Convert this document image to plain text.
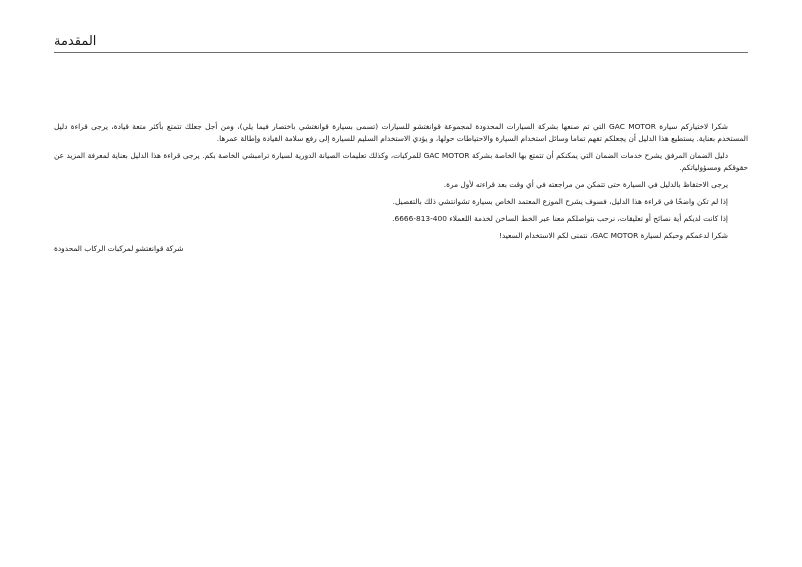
المقدمة

شكرا لاختياركم سيارة GAC MOTOR التي تم صنعها بشركة السيارات المحدودة لمجموعة قوانغتشو للسيارات (تسمى بسيارة قوانغتشي باختصار فيما يلي)، ومن أجل جعلك تتمتع بأكثر متعة قيادة، يرجى قراءة دليل المستخدم بعناية. يستطيع هذا الدليل أن يجعلكم تفهم تماما وسائل استخدام السيارة والاحتياطات حولها، و يؤدي الاستخدام السليم للسيارة إلى رفع سلامة القيادة وإطالة عمرها.

دليل الضمان المرفق يشرح خدمات الضمان التي يمكنكم أن تتمتع بها الخاصة بشركة GAC MOTOR للمركبات، وكذلك تعليمات الصيانة الدورية لسيارة ترامبشي الخاصة بكم. يرجى قراءة هذا الدليل بعناية لمعرفة المزيد عن حقوقكم ومسؤولياتكم.

يرجى الاحتفاظ بالدليل في السيارة حتى تتمكن من مراجعته في أي وقت بعد قراءته لأول مرة.

إذا لم تكن واضحًا في قراءة هذا الدليل، فسوف يشرح الموزع المعتمد الخاص بسيارة تشوانتشي ذلك بالتفصيل.

إذا كانت لديكم أية نصائح أو تعليقات، نرحب بتواصلكم معنا عبر الخط الساخن لخدمة اللعملاء 400-813-6666.

شكرا لدعمكم وحبكم لسيارة GAC MOTOR، نتمنى لكم الاستخدام السعيد!

شركة قوانغتشو لمركبات الركاب المحدودة
